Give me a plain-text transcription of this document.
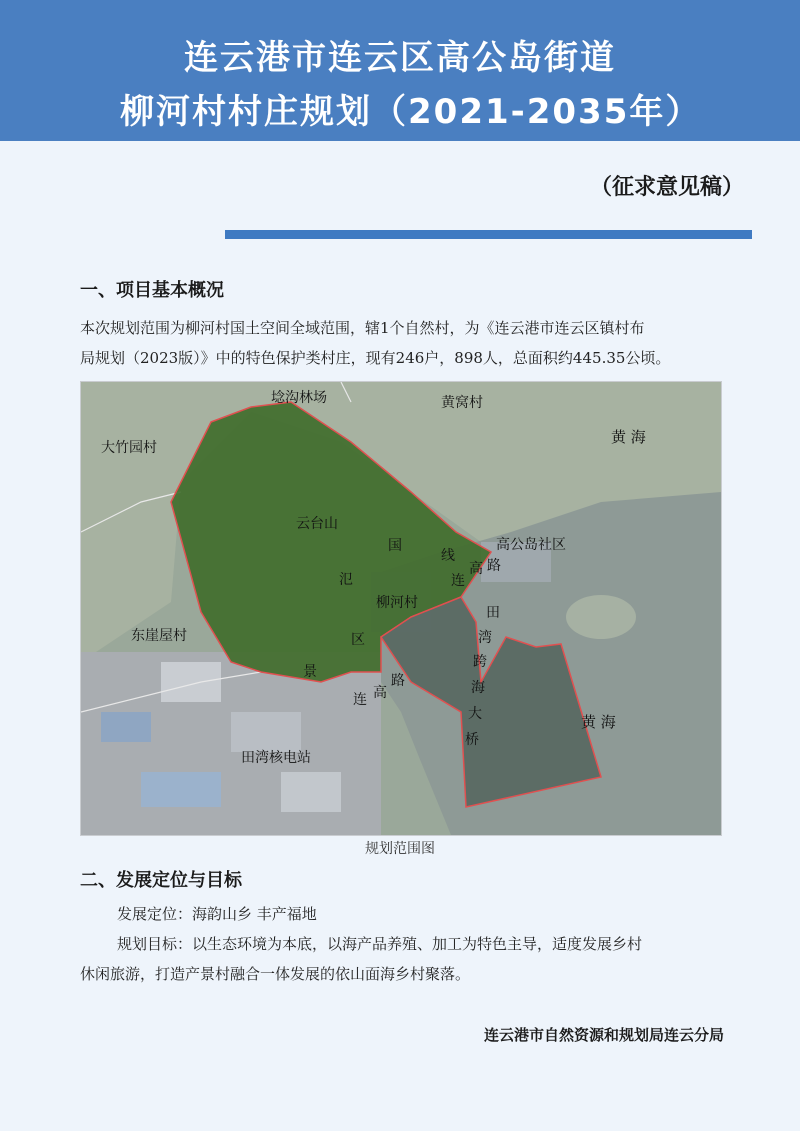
连云港市连云区高公岛街道
柳河村村庄规划（2021-2035年）
（征求意见稿）
一、项目基本概况
本次规划范围为柳河村国土空间全域范围，辖1个自然村，为《连云港市连云区镇村布
局规划（2023版）》中的特色保护类村庄，现有246户，898人，总面积约445.35公顷。
埝沟林场	黄窝村
大竹园村
黄 海
云台山
高公岛社区
柳河村
东崖屋村
黄 海
田湾核电站
国
线
高 路
连
田
湾
跨
海
大
桥
氾
区
景
连 高
路
规划范围图
二、发展定位与目标
发展定位：海韵山乡 丰产福地
规划目标：以生态环境为本底，以海产品养殖、加工为特色主导，适度发展乡村
休闲旅游，打造产景村融合一体发展的依山面海乡村聚落。
连云港市自然资源和规划局连云分局
